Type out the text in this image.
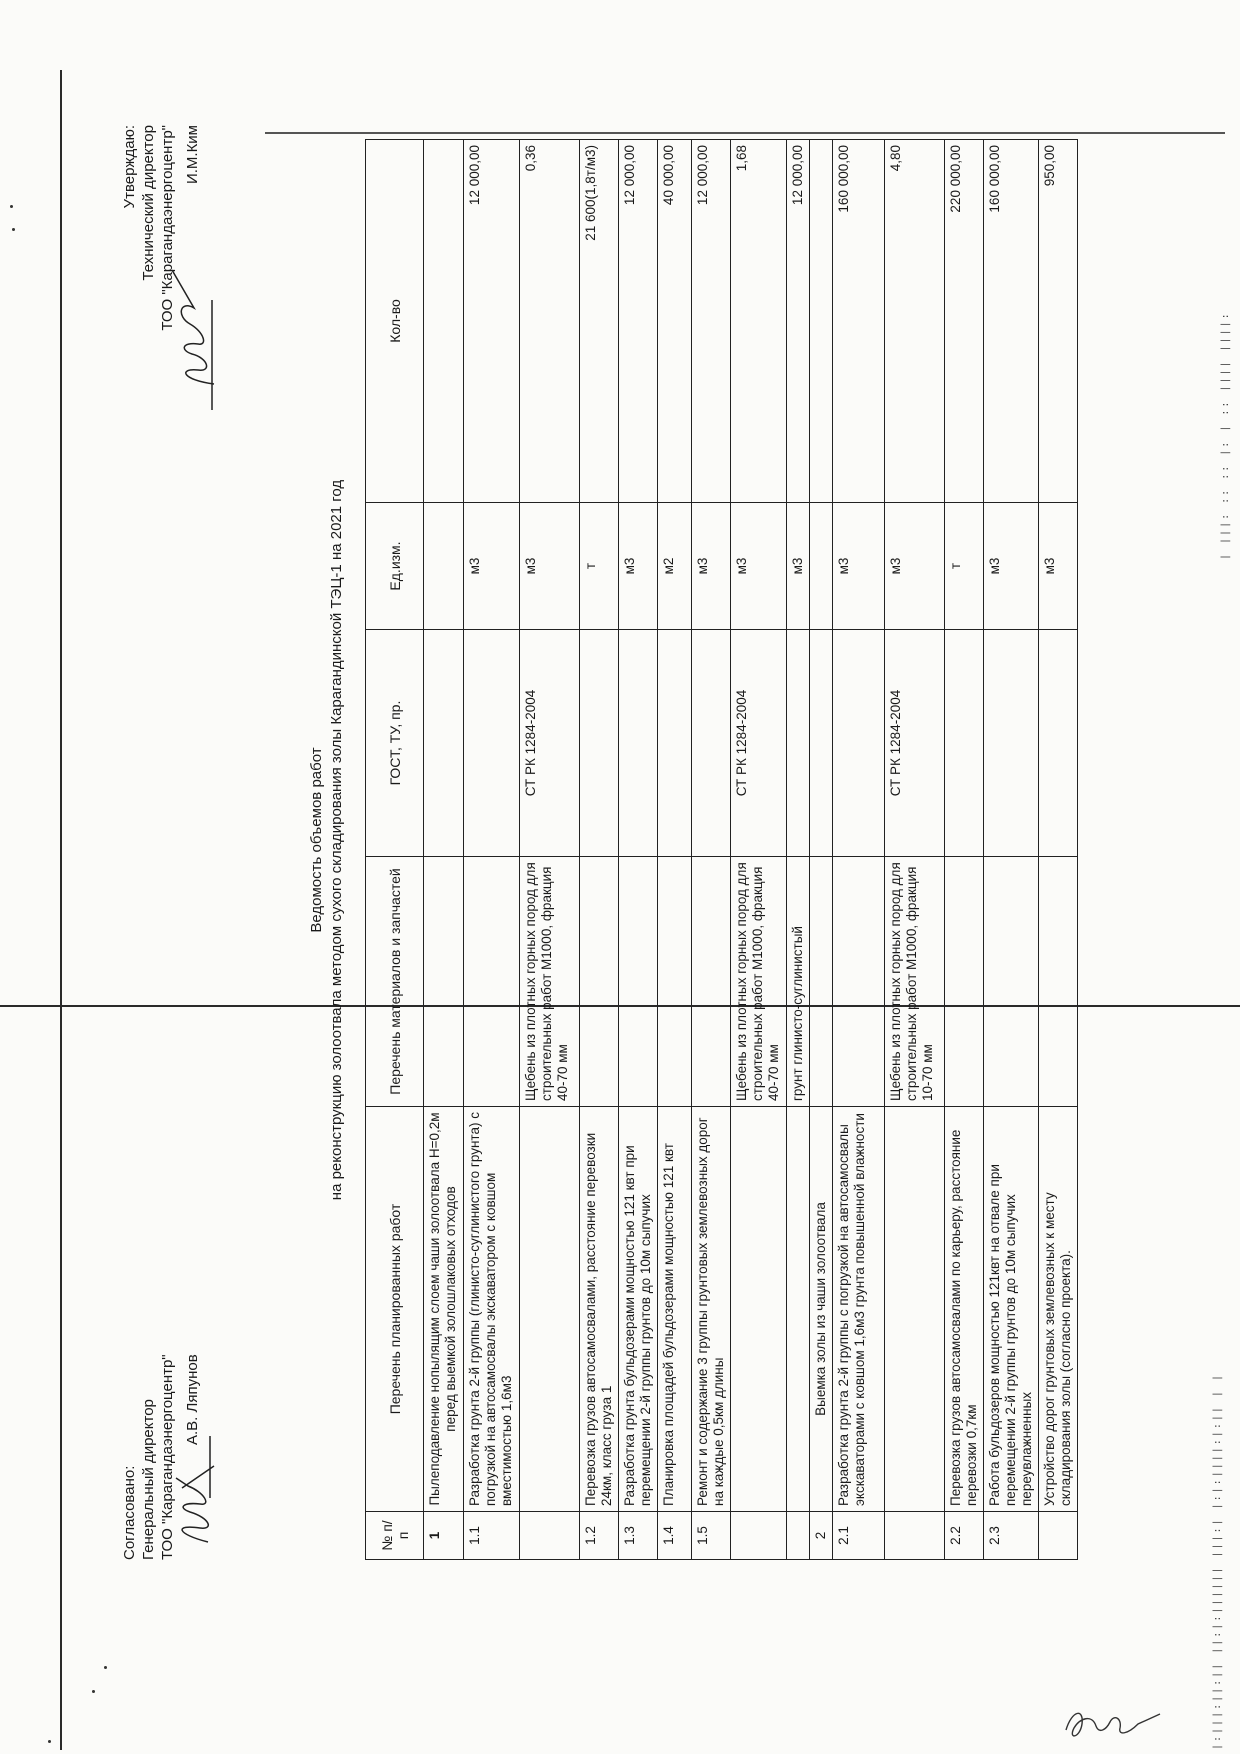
|:|||:||:|| ||:|:|||||| |||:| |:|:||||:|:|| | |
| |||: :: :: |: | :: |||| ||||:
Согласовано: Генеральный директор ТОО "Карагандаэнергоцентр" А.В. Ляпунов
Утверждаю: Технический директор ТОО "Карагандаэнергоцентр" И.М.Ким
Ведомость объемов работ на реконструкцию золоотвала методом сухого складирования золы Карагандинской ТЭЦ-1 на 2021 год
№ п/п	Перечень планированных работ	Перечень материалов и запчастей	ГОСТ, ТУ, пр.	Ед.изм.	Кол-во
1	Пылеподавление нопылящим слоем чаши золоотвала Н=0,2м перед выемкой золошлаковых отходов				
1.1	Разработка грунта 2-й группы (глинисто-суглинистого грунта) с погрузкой на автосамосвалы экскаватором с ковшом вместимостью 1,6м3			м3	12 000,00
		Щебень из плотных горных пород для строительных работ М1000, фракция 40-70 мм	СТ РК 1284-2004	м3	0,36
1.2	Перевозка грузов автосамосвалами, расстояние перевозки 24км, класс груза 1			т	21 600(1,8т/м3)
1.3	Разработка грунта бульдозерами мощностью 121 квт при перемещении 2-й группы грунтов до 10м сыпучих			м3	12 000,00
1.4	Планировка площадей бульдозерами мощностью 121 квт			м2	40 000,00
1.5	Ремонт и содержание 3 группы грунтовых землевозных дорог на каждые 0,5км длины			м3	12 000,00
		Щебень из плотных горных пород для строительных работ М1000, фракция 40-70 мм	СТ РК 1284-2004	м3	1,68
		грунт глинисто-суглинистый		м3	12 000,00
2	Выемка золы из чаши золоотвала				
2.1	Разработка грунта 2-й группы с погрузкой на автосамосвалы экскаваторами с ковшом 1,6м3 грунта повышенной влажности			м3	160 000,00
		Щебень из плотных горных пород для строительных работ М1000, фракция 10-70 мм	СТ РК 1284-2004	м3	4,80
2.2	Перевозка грузов автосамосвалами по карьеру, расстояние перевозки 0,7км			т	220 000,00
2.3	Работа бульдозеров мощностью 121квт на отвале при перемещении 2-й группы грунтов до 10м сыпучих переувлажненных			м3	160 000,00
	Устройство дорог грунтовых землевозных к месту складирования золы (согласно проекта).			м3	950,00
